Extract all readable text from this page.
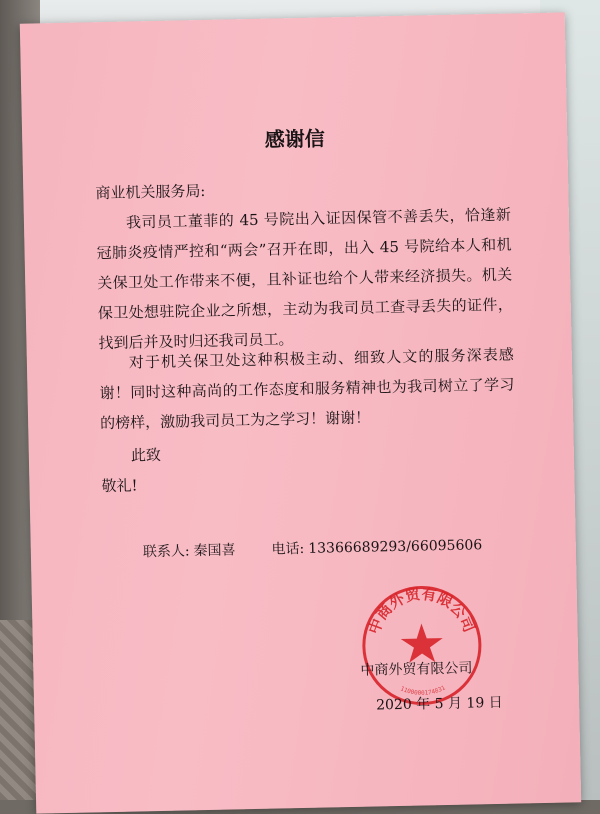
感谢信
商业机关服务局:
我司员工董菲的 45 号院出入证因保管不善丢失，恰逢新冠肺炎疫情严控和“两会”召开在即，出入 45 号院给本人和机关保卫处工作带来不便，且补证也给个人带来经济损失。机关保卫处想驻院企业之所想，主动为我司员工查寻丢失的证件，找到后并及时归还我司员工。
对于机关保卫处这种积极主动、细致人文的服务深表感谢！同时这种高尚的工作态度和服务精神也为我司树立了学习的榜样，激励我司员工为之学习！谢谢！
此致
敬礼!
联系人: 秦国喜	电话: 13366689293/66095606
中商外贸有限公司
1100000174831
中商外贸有限公司
2020 年 5 月 19 日
